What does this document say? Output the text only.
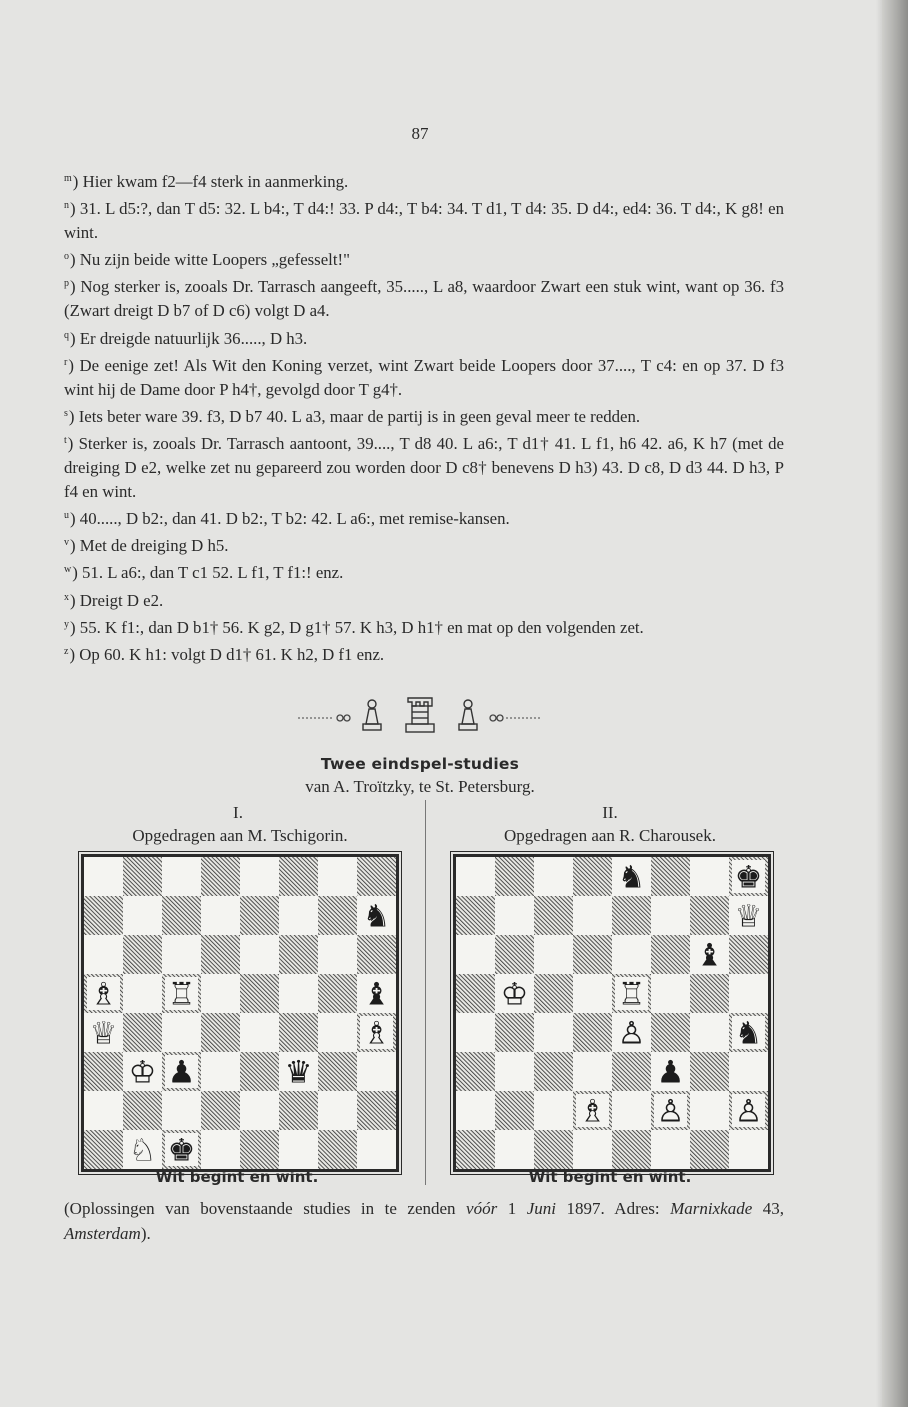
87

$^m$) Hier kwam f2—f4 sterk in aanmerking.

$^n$) 31. L d5:?, dan T d5: 32. L b4:, T d4:! 33. P d4:, T b4: 34. T d1, T d4: 35. D d4:, ed4: 36. T d4:, K g8! en wint.

$^o$) Nu zijn beide witte Loopers „gefesselt!"

$^p$) Nog sterker is, zooals Dr. Tarrasch aangeeft, 35....., L a8, waardoor Zwart een stuk wint, want op 36. f3 (Zwart dreigt D b7 of D c6) volgt D a4.

$^q$) Er dreigde natuurlijk 36....., D h3.

$^r$) De eenige zet! Als Wit den Koning verzet, wint Zwart beide Loopers door 37...., T c4: en op 37. D f3 wint hij de Dame door P h4†, gevolgd door T g4†.

$^s$) Iets beter ware 39. f3, D b7 40. L a3, maar de partij is in geen geval meer te redden.

$^t$) Sterker is, zooals Dr. Tarrasch aantoont, 39...., T d8 40. L a6:, T d1† 41. L f1, h6 42. a6, K h7 (met de dreiging D e2, welke zet nu gepareerd zou worden door D c8† benevens D h3) 43. D c8, D d3 44. D h3, P f4 en wint.

$^u$) 40....., D b2:, dan 41. D b2:, T b2: 42. L a6:, met remise-kansen.

$^v$) Met de dreiging D h5.

$^w$) 51. L a6:, dan T c1 52. L f1, T f1:! enz.

$^x$) Dreigt D e2.

$^y$) 55. K f1:, dan D b1† 56. K g2, D g1† 57. K h3, D h1† en mat op den volgenden zet.

$^z$) Op 60. K h1: volgt D d1† 61. K h2, D f1 enz.

Twee eindspel-studies
van A. Troïtzky, te St. Petersburg.
I.	II.
Opgedragen aan M. Tschigorin.	Opgedragen aan R. Charousek.
♞
♖
♗	♝
♕	♗
♔ ♟	♛
♘ ♚
♞	♚
♕
♝
♔	♖
♙	♞
♟
♗ ♙ ♙
Wit begint en wint.	Wit begint en wint.
(Oplossingen van bovenstaande studies in te zenden vóór 1 Juni 1897. Adres: Marnixkade 43, Amsterdam).
